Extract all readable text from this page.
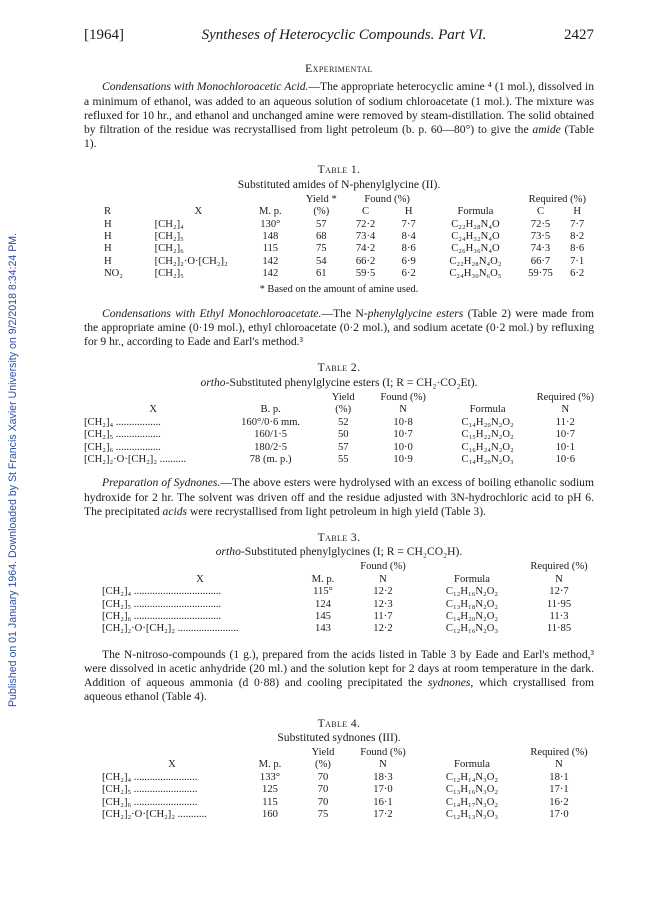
Published on 01 January 1964. Downloaded by St Francis Xavier University on 9/2/2018 8:34:24 PM.
[1964]	Syntheses of Heterocyclic Compounds. Part VI.	2427
Experimental

Condensations with Monochloroacetic Acid.—The appropriate heterocyclic amine ⁴ (1 mol.), dissolved in a minimum of ethanol, was added to an aqueous solution of sodium chloroacetate (1 mol.). The mixture was refluxed for 10 hr., and ethanol and unchanged amine were removed by steam-distillation. The solid obtained by filtration of the residue was recrystallised from light petroleum (b. p. 60—80°) to give the amide (Table 1).

Table 1.
Substituted amides of N-phenylglycine (II).
			Yield *	Found (%)			Required (%)	
R	X	M. p.	(%)	C	H	Formula	C	H
H	[CH₂]₄	130°	57	72·2	7·7	C₂₂H₂₈N₄O	72·5	7·7
H	[CH₂]₅	148	68	73·4	8·4	C₂₄H₃₂N₄O	73·5	8·2
H	[CH₂]₆	115	75	74·2	8·6	C₂₆H₃₆N₄O	74·3	8·6
H	[CH₂]₂·O·[CH₂]₂	142	54	66·2	6·9	C₂₂H₂₈N₄O₂	66·7	7·1
NO₂	[CH₂]₅	142	61	59·5	6·2	C₂₄H₃₀N₆O₅	59·75	6·2
* Based on the amount of amine used.

Condensations with Ethyl Monochloroacetate.—The N-phenylglycine esters (Table 2) were made from the appropriate amine (0·19 mol.), ethyl chloroacetate (0·2 mol.), and sodium acetate (0·2 mol.) by refluxing for 9 hr., according to Eade and Earl's method.³

Table 2.
ortho-Substituted phenylglycine esters (I; R = CH₂·CO₂Et).
		Yield	Found (%)		Required (%)
X	B. p.	(%)	N	Formula	N
[CH₂]₄ .................	160°/0·6 mm.	52	10·8	C₁₄H₂₀N₂O₂	11·2
[CH₂]₅ .................	160/1·5	50	10·7	C₁₅H₂₂N₂O₂	10·7
[CH₂]₆ .................	180/2·5	57	10·0	C₁₆H₂₄N₂O₂	10·1
[CH₂]₂·O·[CH₂]₂ ..........	78 (m. p.)	55	10·9	C₁₄H₂₀N₂O₃	10·6

Preparation of Sydnones.—The above esters were hydrolysed with an excess of boiling ethanolic sodium hydroxide for 2 hr. The solvent was driven off and the residue adjusted with 3N-hydrochloric acid to pH 6. The precipitated acids were recrystallised from light petroleum in high yield (Table 3).

Table 3.
ortho-Substituted phenylglycines (I; R = CH₂CO₂H).
		Found (%)		Required (%)
X	M. p.	N	Formula	N
[CH₂]₄ .................................	115°	12·2	C₁₂H₁₆N₂O₂	12·7
[CH₂]₅ .................................	124	12·3	C₁₃H₁₈N₂O₂	11·95
[CH₂]₆ .................................	145	11·7	C₁₄H₂₀N₂O₂	11·3
[CH₂]₂·O·[CH₂]₂ .......................	143	12·2	C₁₂H₁₆N₂O₃	11·85

The N-nitroso-compounds (1 g.), prepared from the acids listed in Table 3 by Eade and Earl's method,³ were dissolved in acetic anhydride (20 ml.) and the solution kept for 2 days at room temperature in the dark. Addition of aqueous ammonia (d 0·88) and cooling precipitated the sydnones, which crystallised from aqueous ethanol (Table 4).

Table 4.
Substituted sydnones (III).
		Yield	Found (%)		Required (%)
X	M. p.	(%)	N	Formula	N
[CH₂]₄ ........................	133°	70	18·3	C₁₂H₁₄N₃O₂	18·1
[CH₂]₅ ........................	125	70	17·0	C₁₃H₁₆N₃O₂	17·1
[CH₂]₆ ........................	115	70	16·1	C₁₄H₁₇N₃O₂	16·2
[CH₂]₂·O·[CH₂]₂ ...........	160	75	17·2	C₁₂H₁₃N₃O₃	17·0
